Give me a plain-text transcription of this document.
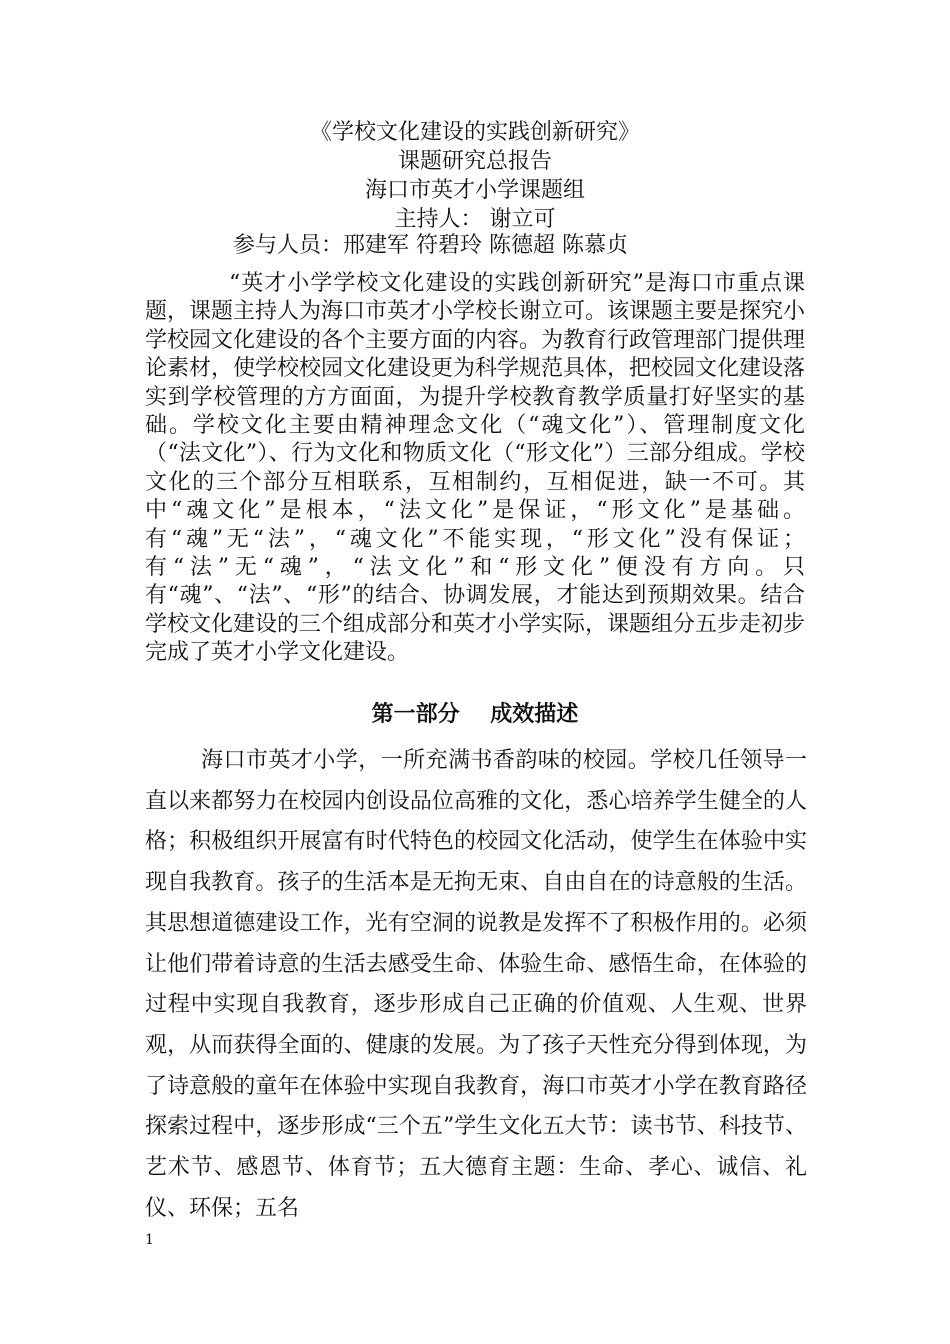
《学校文化建设的实践创新研究》
课题研究总报告
海口市英才小学课题组
主持人： 谢立可
参与人员：邢建军 符碧玲 陈德超 陈慕贞

“英才小学学校文化建设的实践创新研究”是海口市重点课题，课题主持人为海口市英才小学校长谢立可。该课题主要是探究小学校园文化建设的各个主要方面的内容。为教育行政管理部门提供理论素材，使学校校园文化建设更为科学规范具体，把校园文化建设落实到学校管理的方方面面，为提升学校教育教学质量打好坚实的基础。学校文化主要由精神理念文化（“魂文化”）、管理制度文化（“法文化”）、行为文化和物质文化（“形文化”）三部分组成。学校文化的三个部分互相联系，互相制约，互相促进，缺一不可。其中“魂文化”是根本，“法文化”是保证，“形文化”是基础。有“魂”无“法”，“魂文化”不能实现，“形文化”没有保证；有“法”无“魂”，“法文化”和“形文化”便没有方向。只有“魂”、“法”、“形”的结合、协调发展，才能达到预期效果。结合学校文化建设的三个组成部分和英才小学实际，课题组分五步走初步完成了英才小学文化建设。

第一部分    成效描述

海口市英才小学，一所充满书香韵味的校园。学校几任领导一直以来都努力在校园内创设品位高雅的文化，悉心培养学生健全的人格；积极组织开展富有时代特色的校园文化活动，使学生在体验中实现自我教育。孩子的生活本是无拘无束、自由自在的诗意般的生活。其思想道德建设工作，光有空洞的说教是发挥不了积极作用的。必须让他们带着诗意的生活去感受生命、体验生命、感悟生命，在体验的过程中实现自我教育，逐步形成自己正确的价值观、人生观、世界观，从而获得全面的、健康的发展。为了孩子天性充分得到体现，为了诗意般的童年在体验中实现自我教育，海口市英才小学在教育路径探索过程中，逐步形成“三个五”学生文化五大节：读书节、科技节、艺术节、感恩节、体育节；五大德育主题：生命、孝心、诚信、礼仪、环保；五名

1
